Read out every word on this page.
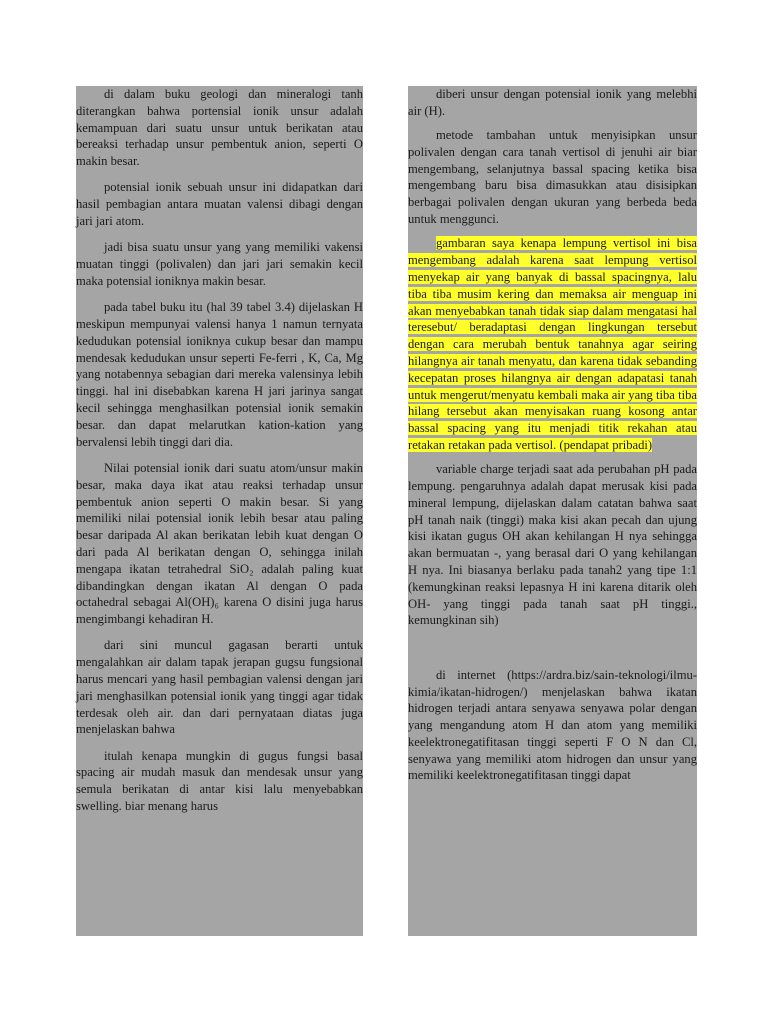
di dalam buku geologi dan mineralogi tanh diterangkan bahwa portensial ionik unsur adalah kemampuan dari suatu unsur untuk berikatan atau bereaksi terhadap unsur pembentuk anion, seperti O makin besar.

potensial ionik sebuah unsur ini didapatkan dari hasil pembagian antara muatan valensi dibagi dengan jari jari atom.

jadi bisa suatu unsur yang yang memiliki vakensi muatan tinggi (polivalen) dan jari jari semakin kecil maka potensial ioniknya makin besar.

pada tabel buku itu (hal 39 tabel 3.4) dijelaskan H meskipun mempunyai valensi hanya 1 namun ternyata kedudukan potensial ioniknya cukup besar dan mampu mendesak kedudukan unsur seperti Fe-ferri , K, Ca, Mg yang notabennya sebagian dari mereka valensinya lebih tinggi. hal ini disebabkan karena H jari jarinya sangat kecil sehingga menghasilkan potensial ionik semakin besar. dan dapat melarutkan kation-kation yang bervalensi lebih tinggi dari dia.

Nilai potensial ionik dari suatu atom/unsur makin besar, maka daya ikat atau reaksi terhadap unsur pembentuk anion seperti O makin besar. Si yang memiliki nilai potensial ionik lebih besar atau paling besar daripada Al akan berikatan lebih kuat dengan O dari pada Al berikatan dengan O, sehingga inilah mengapa ikatan tetrahedral SiO₂ adalah paling kuat dibandingkan dengan ikatan Al dengan O pada octahedral sebagai Al(OH)₆ karena O disini juga harus mengimbangi kehadiran H.

dari sini muncul gagasan berarti untuk mengalahkan air dalam tapak jerapan gugsu fungsional harus mencari yang hasil pembagian valensi dengan jari jari menghasilkan potensial ionik yang tinggi agar tidak terdesak oleh air. dan dari pernyataan diatas juga menjelaskan bahwa

itulah kenapa mungkin di gugus fungsi basal spacing air mudah masuk dan mendesak unsur yang semula berikatan di antar kisi lalu menyebabkan swelling. biar menang harus

diberi unsur dengan potensial ionik yang melebhi air (H).

metode tambahan untuk menyisipkan unsur polivalen dengan cara tanah vertisol di jenuhi air biar mengembang, selanjutnya bassal spacing ketika bisa mengembang baru bisa dimasukkan atau disisipkan berbagai polivalen dengan ukuran yang berbeda beda untuk menggunci.

gambaran saya kenapa lempung vertisol ini bisa mengembang adalah karena saat lempung vertisol menyekap air yang banyak di bassal spacingnya, lalu tiba tiba musim kering dan memaksa air menguap ini akan menyebabkan tanah tidak siap dalam mengatasi hal teresebut/ beradaptasi dengan lingkungan tersebut dengan cara merubah bentuk tanahnya agar seiring hilangnya air tanah menyatu, dan karena tidak sebanding kecepatan proses hilangnya air dengan adapatasi tanah untuk mengerut/menyatu kembali maka air yang tiba tiba hilang tersebut akan menyisakan ruang kosong antar bassal spacing yang itu menjadi titik rekahan atau retakan retakan pada vertisol. (pendapat pribadi)

variable charge terjadi saat ada perubahan pH pada lempung. pengaruhnya adalah dapat merusak kisi pada mineral lempung, dijelaskan dalam catatan bahwa saat pH tanah naik (tinggi) maka kisi akan pecah dan ujung kisi ikatan gugus OH akan kehilangan H nya sehingga akan bermuatan -, yang berasal dari O yang kehilangan H nya. Ini biasanya berlaku pada tanah2 yang tipe 1:1 (kemungkinan reaksi lepasnya H ini karena ditarik oleh OH- yang tinggi pada tanah saat pH tinggi., kemungkinan sih)

di internet (https://ardra.biz/sain-teknologi/ilmu-kimia/ikatan-hidrogen/) menjelaskan bahwa ikatan hidrogen terjadi antara senyawa senyawa polar dengan yang mengandung atom H dan atom yang memiliki keelektronegatifitasan tinggi seperti F O N dan Cl, senyawa yang memiliki atom hidrogen dan unsur yang memiliki keelektronegatifitasan tinggi dapat
